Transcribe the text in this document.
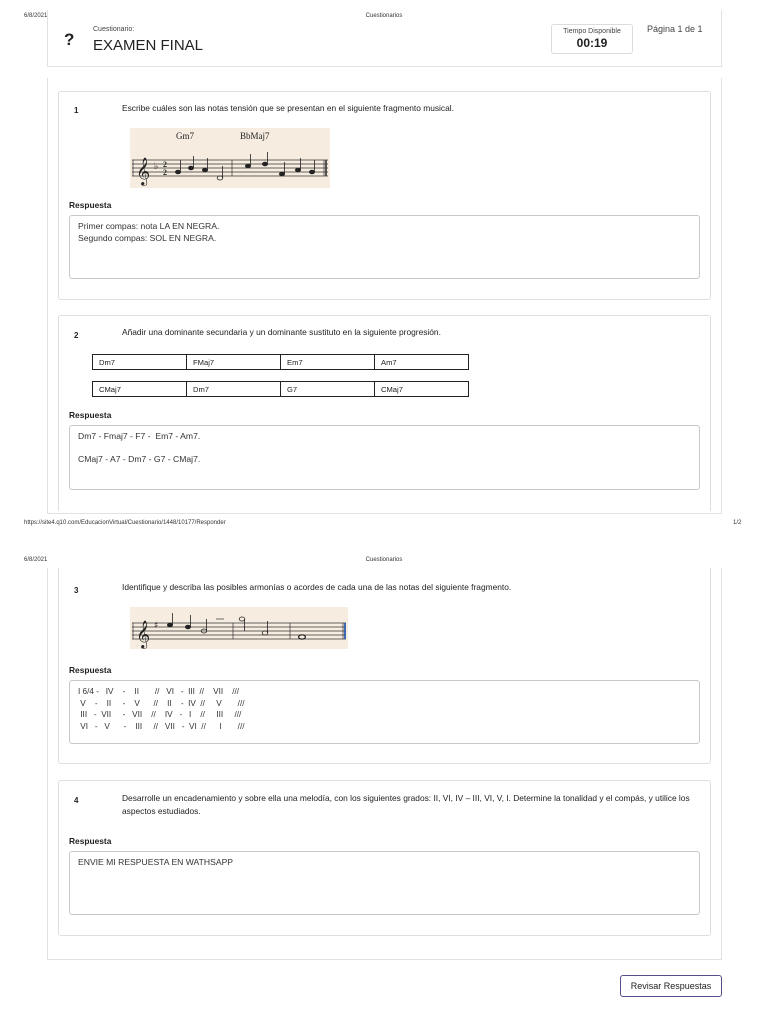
6/8/2021	Cuestionarios
https://site4.q10.com/EducacionVirtual/Cuestionario/1448/10177/Responder	1/2
6/8/2021	Cuestionarios
?
Cuestionario:
EXAMEN FINAL
Tiempo Disponible
00:19
Página 1 de 1
1	Escribe cuáles son las notas tensión que se presentan en el siguiente fragmento musical.
Gm7	BbMaj7
𝄞 ♭ 2
2
Respuesta
Primer compas: nota LA EN NEGRA.
Segundo compas: SOL EN NEGRA.
2	Añadir una dominante secundaria y un dominante sustituto en la siguiente progresión.
Dm7	FMaj7	Em7	Am7
CMaj7	Dm7	G7	CMaj7
Respuesta
Dm7 - Fmaj7 - F7 -  Em7 - Am7.

CMaj7 - A7 - Dm7 - G7 - CMaj7.
3	Identifique y describa las posibles armonías o acordes de cada una de las notas del siguiente fragmento.
𝄞 ♯
Respuesta
I 6/4 -   IV    -    II       //   VI   -  III  //    VII    ///
V    -    II     -    V      //    II    -  IV  //     V       ///
III   -  VII     -   VII    //    IV   -   I    //     III     ///
VI   -   V      -    III     //   VII   -  VI  //      I       ///
4	Desarrolle un encadenamiento y sobre ella una melodía, con los siguientes grados: II, VI, IV – III, VI, V, I. Determine la tonalidad y el compás, y utilice los aspectos estudiados.
Respuesta
ENVIE MI RESPUESTA EN WATHSAPP
Revisar Respuestas
